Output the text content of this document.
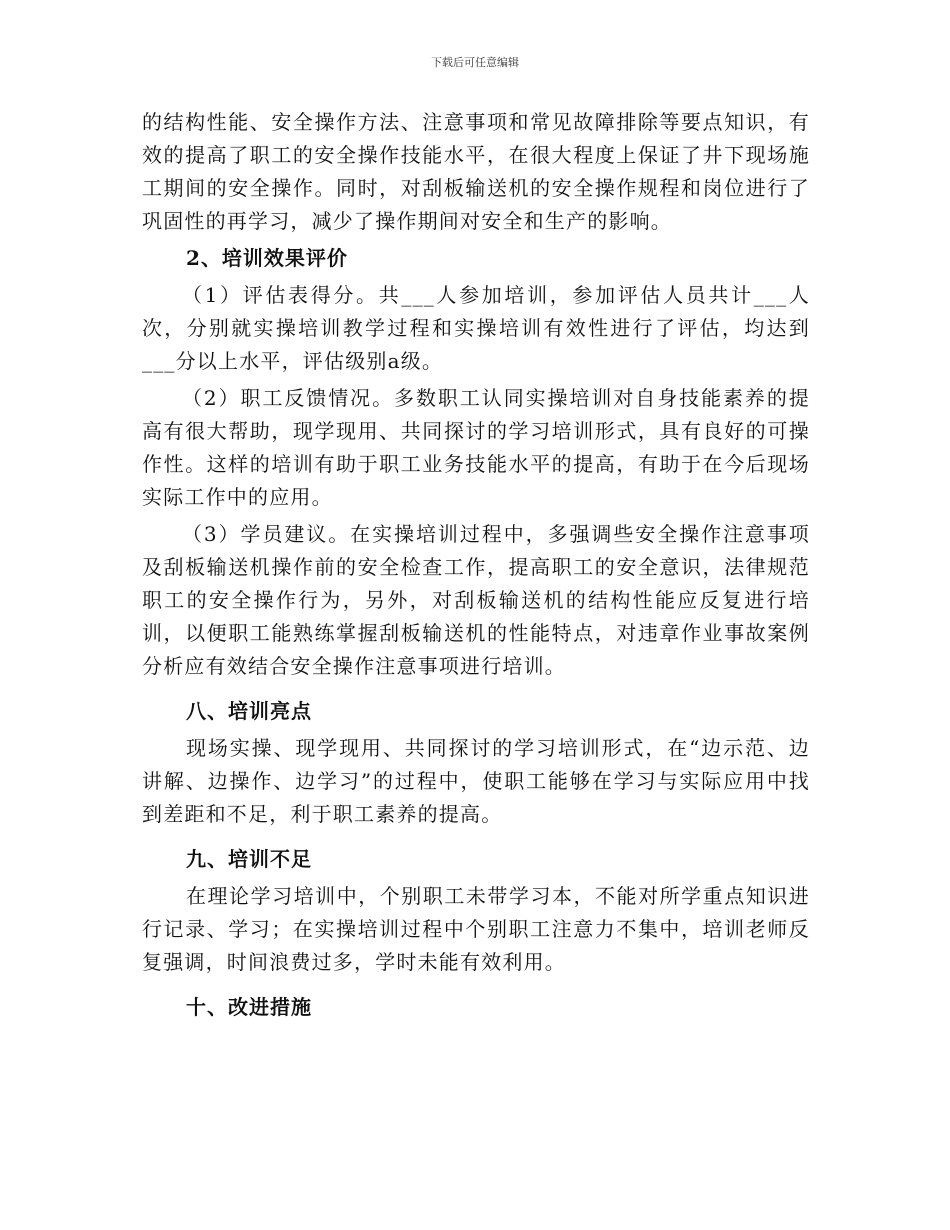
下载后可任意编辑

的结构性能、安全操作方法、注意事项和常见故障排除等要点知识，有效的提高了职工的安全操作技能水平，在很大程度上保证了井下现场施工期间的安全操作。同时，对刮板输送机的安全操作规程和岗位进行了巩固性的再学习，减少了操作期间对安全和生产的影响。

2、培训效果评价

（1）评估表得分。共___人参加培训，参加评估人员共计___人次，分别就实操培训教学过程和实操培训有效性进行了评估，均达到___分以上水平，评估级别a级。

（2）职工反馈情况。多数职工认同实操培训对自身技能素养的提高有很大帮助，现学现用、共同探讨的学习培训形式，具有良好的可操作性。这样的培训有助于职工业务技能水平的提高，有助于在今后现场实际工作中的应用。

（3）学员建议。在实操培训过程中，多强调些安全操作注意事项及刮板输送机操作前的安全检查工作，提高职工的安全意识，法律规范职工的安全操作行为，另外，对刮板输送机的结构性能应反复进行培训，以便职工能熟练掌握刮板输送机的性能特点，对违章作业事故案例分析应有效结合安全操作注意事项进行培训。

八、培训亮点

现场实操、现学现用、共同探讨的学习培训形式，在“边示范、边讲解、边操作、边学习”的过程中，使职工能够在学习与实际应用中找到差距和不足，利于职工素养的提高。

九、培训不足

在理论学习培训中，个别职工未带学习本，不能对所学重点知识进行记录、学习；在实操培训过程中个别职工注意力不集中，培训老师反复强调，时间浪费过多，学时未能有效利用。

十、改进措施
